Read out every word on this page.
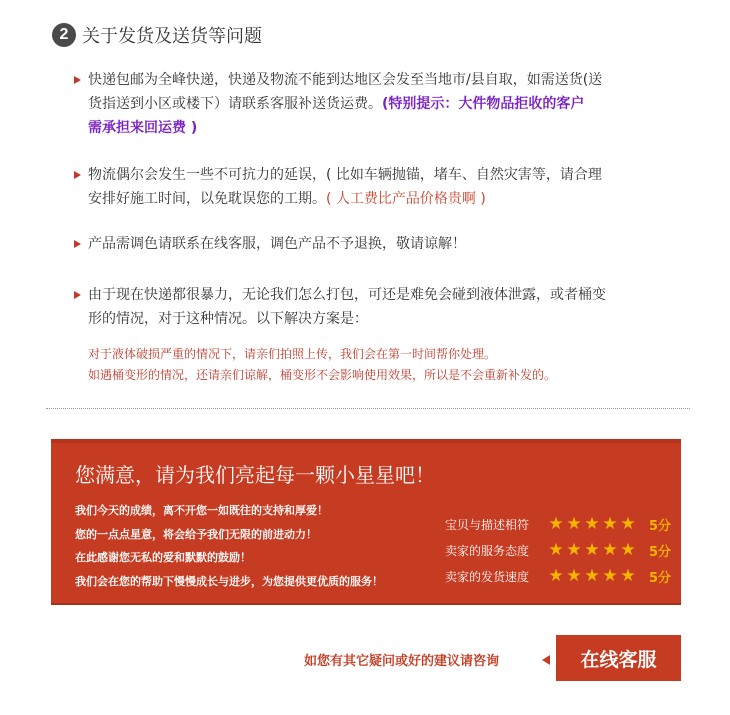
2 关于发货及送货等问题
快递包邮为全峰快递，快递及物流不能到达地区会发至当地市/县自取，如需送货(送
货指送到小区或楼下）请联系客服补送货运费。(特别提示：大件物品拒收的客户
需承担来回运费 )
物流偶尔会发生一些不可抗力的延误，( 比如车辆抛锚，堵车、自然灾害等，请合理
安排好施工时间，以免耽误您的工期。( 人工费比产品价格贵啊 )
产品需调色请联系在线客服，调色产品不予退换，敬请谅解！
由于现在快递都很暴力，无论我们怎么打包，可还是难免会碰到液体泄露，或者桶变
形的情况，对于这种情况。以下解决方案是：
对于液体破损严重的情况下，请亲们拍照上传，我们会在第一时间帮你处理。
如遇桶变形的情况，还请亲们谅解，桶变形不会影响使用效果，所以是不会重新补发的。
您满意，请为我们亮起每一颗小星星吧！
我们今天的成绩，离不开您一如既往的支持和厚爱！
您的一点点星意，将会给予我们无限的前进动力！
在此感谢您无私的爱和默默的鼓励！
我们会在您的帮助下慢慢成长与进步，为您提供更优质的服务！
宝贝与描述相符	★ ★ ★ ★ ★ 5分
卖家的服务态度	★ ★ ★ ★ ★ 5分
卖家的发货速度	★ ★ ★ ★ ★ 5分
如您有其它疑问或好的建议请咨询	在线客服
